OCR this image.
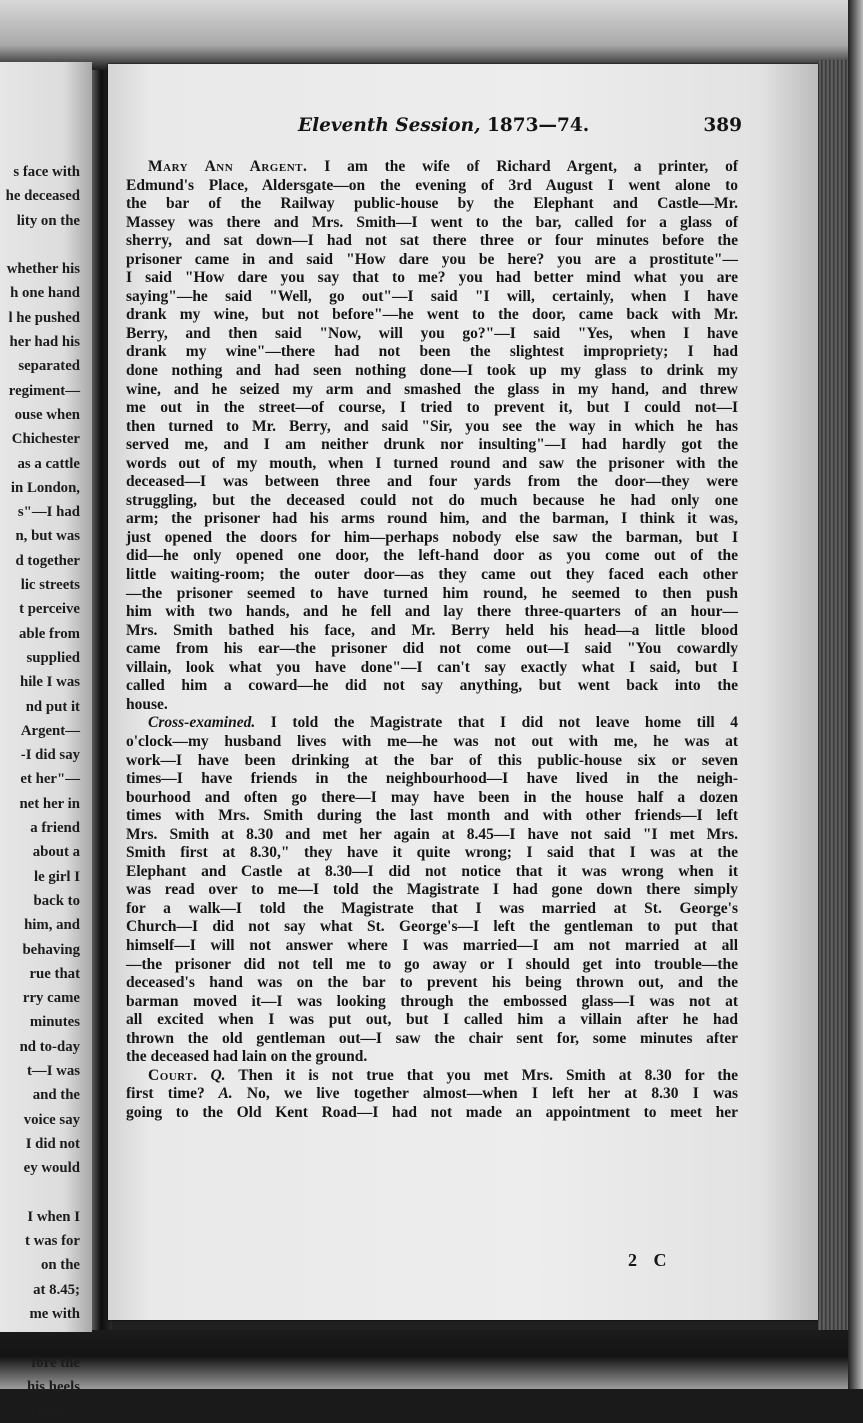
s face with
he deceased
lity on the

whether his
h one hand
l he pushed
her had his
separated
regiment—
ouse when
Chichester
as a cattle
in London,
s"—I had
n, but was
d together
lic streets
t perceive
able from
supplied
hile I was
nd put it
Argent—
-I did say
et her"—
net her in
a friend
about a
le girl I
back to
him, and
behaving
rue that
rry came
minutes
nd to-day
t—I was
and the
voice say
I did not
ey would

I when I
t was for
on the
at 8.45;
me with

fore the
his heels
ffling—
Eleventh Session, 1873—74.	389
Mary Ann Argent. I am the wife of Richard Argent, a printer, of
Edmund's Place, Aldersgate—on the evening of 3rd August I went alone to
the bar of the Railway public-house by the Elephant and Castle—Mr.
Massey was there and Mrs. Smith—I went to the bar, called for a glass of
sherry, and sat down—I had not sat there three or four minutes before the
prisoner came in and said "How dare you be here? you are a prostitute"—
I said "How dare you say that to me? you had better mind what you are
saying"—he said "Well, go out"—I said "I will, certainly, when I have
drank my wine, but not before"—he went to the door, came back with Mr.
Berry, and then said "Now, will you go?"—I said "Yes, when I have
drank my wine"—there had not been the slightest impropriety; I had
done nothing and had seen nothing done—I took up my glass to drink my
wine, and he seized my arm and smashed the glass in my hand, and threw
me out in the street—of course, I tried to prevent it, but I could not—I
then turned to Mr. Berry, and said "Sir, you see the way in which he has
served me, and I am neither drunk nor insulting"—I had hardly got the
words out of my mouth, when I turned round and saw the prisoner with the
deceased—I was between three and four yards from the door—they were
struggling, but the deceased could not do much because he had only one
arm; the prisoner had his arms round him, and the barman, I think it was,
just opened the doors for him—perhaps nobody else saw the barman, but I
did—he only opened one door, the left-hand door as you come out of the
little waiting-room; the outer door—as they came out they faced each other
—the prisoner seemed to have turned him round, he seemed to then push
him with two hands, and he fell and lay there three-quarters of an hour—
Mrs. Smith bathed his face, and Mr. Berry held his head—a little blood
came from his ear—the prisoner did not come out—I said "You cowardly
villain, look what you have done"—I can't say exactly what I said, but I
called him a coward—he did not say anything, but went back into the
house.
Cross-examined. I told the Magistrate that I did not leave home till 4
o'clock—my husband lives with me—he was not out with me, he was at
work—I have been drinking at the bar of this public-house six or seven
times—I have friends in the neighbourhood—I have lived in the neigh-
bourhood and often go there—I may have been in the house half a dozen
times with Mrs. Smith during the last month and with other friends—I left
Mrs. Smith at 8.30 and met her again at 8.45—I have not said "I met Mrs.
Smith first at 8.30," they have it quite wrong; I said that I was at the
Elephant and Castle at 8.30—I did not notice that it was wrong when it
was read over to me—I told the Magistrate I had gone down there simply
for a walk—I told the Magistrate that I was married at St. George's
Church—I did not say what St. George's—I left the gentleman to put that
himself—I will not answer where I was married—I am not married at all
—the prisoner did not tell me to go away or I should get into trouble—the
deceased's hand was on the bar to prevent his being thrown out, and the
barman moved it—I was looking through the embossed glass—I was not at
all excited when I was put out, but I called him a villain after he had
thrown the old gentleman out—I saw the chair sent for, some minutes after
the deceased had lain on the ground.
Court. Q. Then it is not true that you met Mrs. Smith at 8.30 for the
first time? A. No, we live together almost—when I left her at 8.30 I was
going to the Old Kent Road—I had not made an appointment to meet her
2 C
